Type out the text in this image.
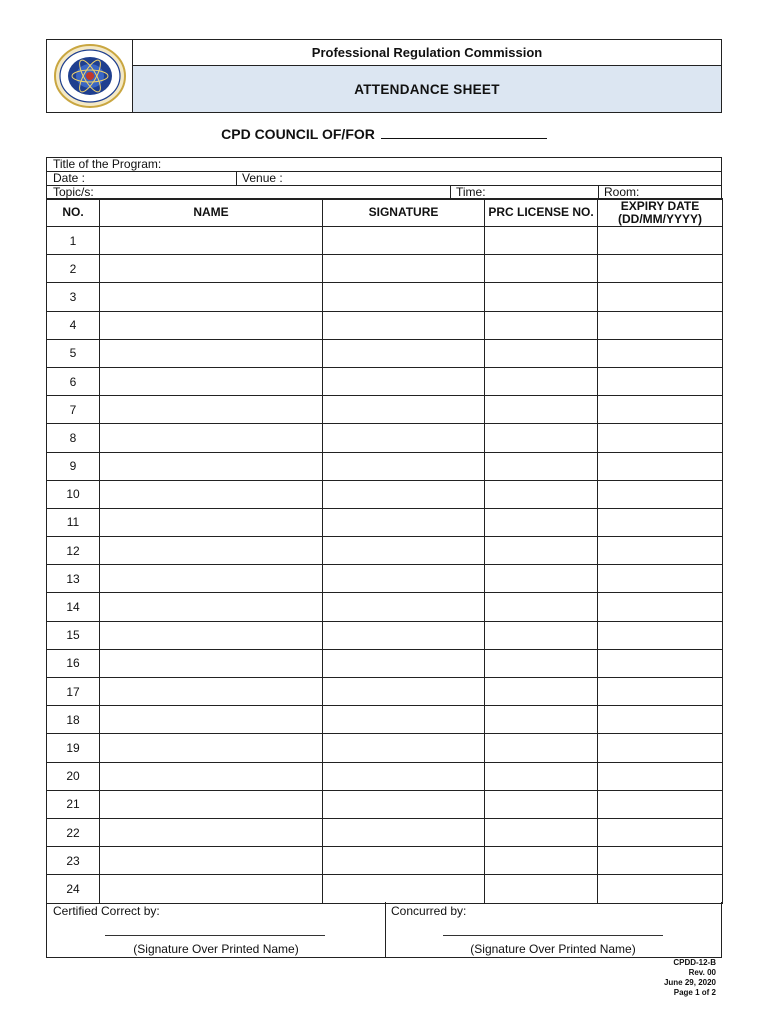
Professional Regulation Commission
ATTENDANCE SHEET
CPD COUNCIL OF/FOR
Title of the Program:
Date :	Venue :
Topic/s:	Time:	Room:
NO.	NAME	SIGNATURE	PRC LICENSE NO.	EXPIRY DATE (DD/MM/YYYY)
1				
2				
3				
4				
5				
6				
7				
8				
9				
10				
11				
12				
13				
14				
15				
16				
17				
18				
19				
20				
21				
22				
23				
24				
Certified Correct by:
(Signature Over Printed Name)
Concurred by:
(Signature Over Printed Name)
CPDD-12-B
Rev. 00
June 29, 2020
Page 1 of 2
